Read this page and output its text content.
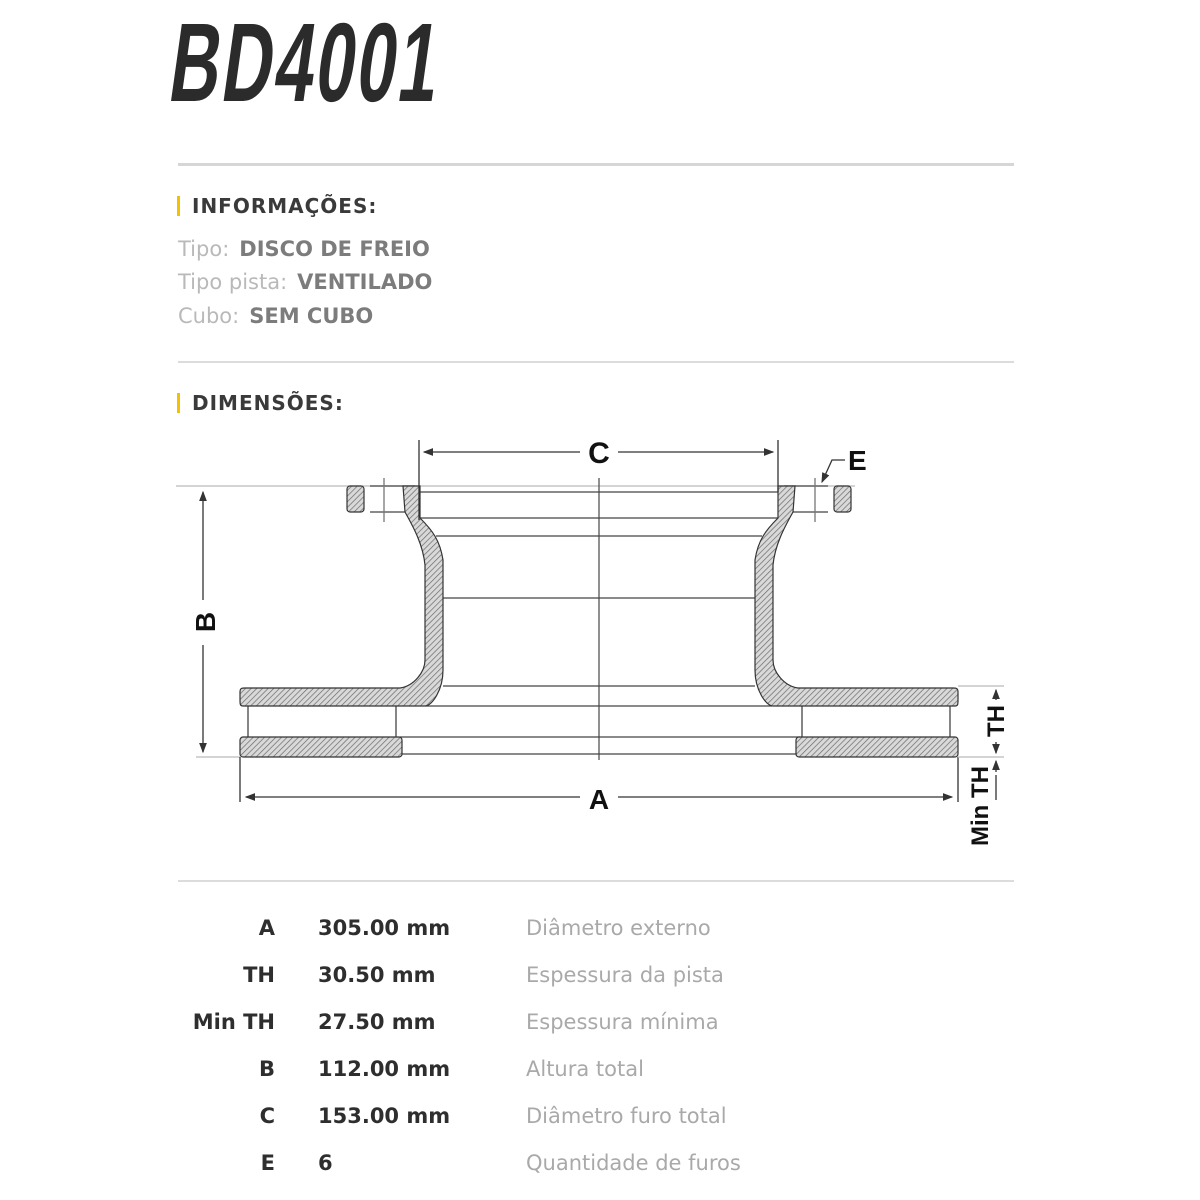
BD4001
INFORMAÇÕES:
Tipo: DISCO DE FREIO
Tipo pista: VENTILADO
Cubo: SEM CUBO
DIMENSÕES:
C	E
B
A
TH
Min TH
A 305.00 mm	Diâmetro externo
TH 30.50 mm	Espessura da pista
Min TH 27.50 mm	Espessura mínima
B 112.00 mm	Altura total
C 153.00 mm	Diâmetro furo total
E 6	Quantidade de furos
